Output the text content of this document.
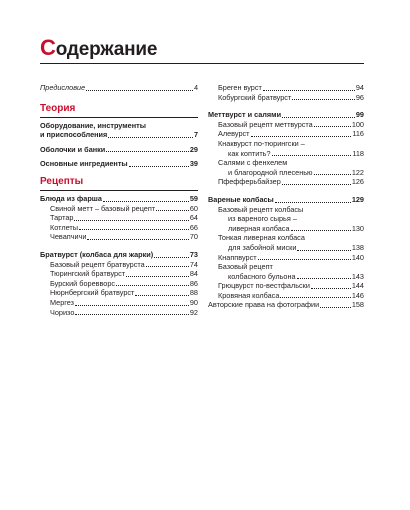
Содержание
Предисловие	4
Теория
Оборудование, инструменты
и приспособления	7
Оболочки и банки	29
Основные ингредиенты	39
Рецепты
Блюда из фарша	59
Свиной метт – базовый рецепт	60
Тартар	64
Котлеты	66
Чевапчичи	70
Братвурст (колбаса для жарки)	73
Базовый рецепт братвурста	74
Тюрингский братвурст	84
Бурский боревворс	86
Нюрнбергский братвурст	88
Мергез	90
Чоризо	92
Бреген вурст	94
Кобургский братвурст	96
Меттвурст и салями	99
Базовый рецепт меттвурста	100
Алевурст	116
Кнаквурст по-тюрингски –
как коптить?	118
Салями с фенхелем
и благородной плесенью	122
Пфефферьбайзер	126
Вареные колбасы	129
Базовый рецепт колбасы
из вареного сырья –
ливерная колбаса	130
Тонкая ливерная колбаса
для забойной миски	138
Кнаппвурст	140
Базовый рецепт
колбасного бульона	143
Грюцвурст по-вестфальски	144
Кровяная колбаса	146
Авторские права на фотографии	158
